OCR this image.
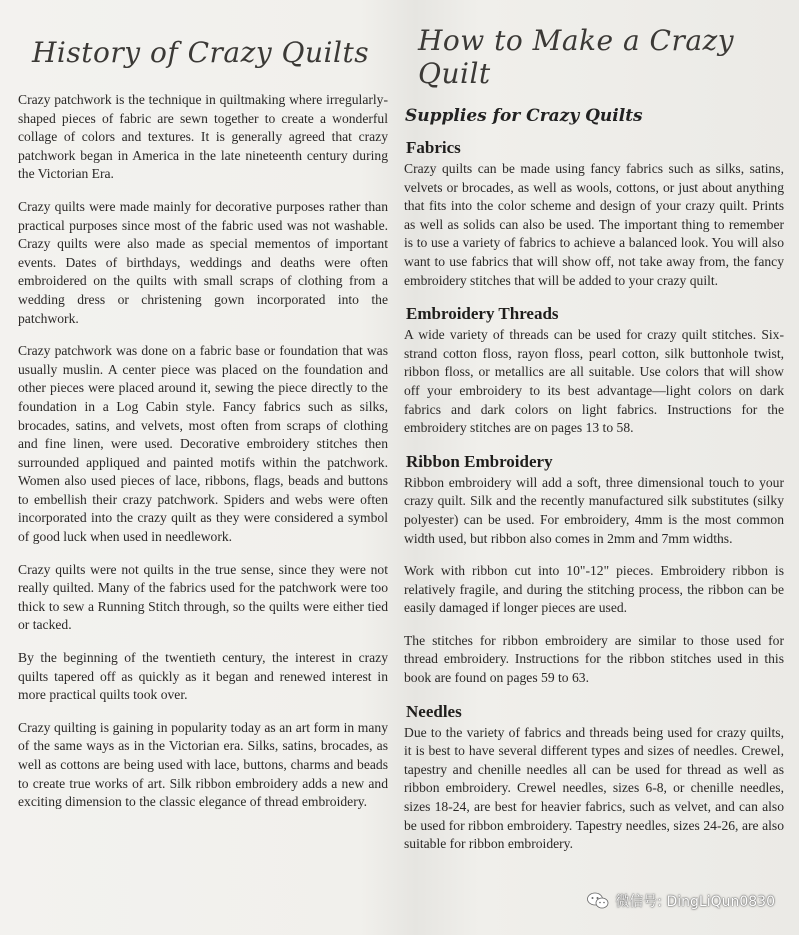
History of Crazy Quilts

Crazy patchwork is the technique in quiltmaking where irregularly-shaped pieces of fabric are sewn together to create a wonderful collage of colors and textures. It is generally agreed that crazy patchwork began in America in the late nineteenth century during the Victorian Era.

Crazy quilts were made mainly for decorative purposes rather than practical purposes since most of the fabric used was not washable. Crazy quilts were also made as special mementos of important events. Dates of birthdays, weddings and deaths were often embroidered on the quilts with small scraps of clothing from a wedding dress or christening gown incorporated into the patchwork.

Crazy patchwork was done on a fabric base or foundation that was usually muslin. A center piece was placed on the foundation and other pieces were placed around it, sewing the piece directly to the foundation in a Log Cabin style. Fancy fabrics such as silks, brocades, satins, and velvets, most often from scraps of clothing and fine linen, were used. Decorative embroidery stitches then surrounded appliqued and painted motifs within the patchwork. Women also used pieces of lace, ribbons, flags, beads and buttons to embellish their crazy patchwork. Spiders and webs were often incorporated into the crazy quilt as they were considered a symbol of good luck when used in needlework.

Crazy quilts were not quilts in the true sense, since they were not really quilted. Many of the fabrics used for the patchwork were too thick to sew a Running Stitch through, so the quilts were either tied or tacked.

By the beginning of the twentieth century, the interest in crazy quilts tapered off as quickly as it began and renewed interest in more practical quilts took over.

Crazy quilting is gaining in popularity today as an art form in many of the same ways as in the Victorian era. Silks, satins, brocades, as well as cottons are being used with lace, buttons, charms and beads to create true works of art. Silk ribbon embroidery adds a new and exciting dimension to the classic elegance of thread embroidery.

How to Make a Crazy Quilt
Supplies for Crazy Quilts
Fabrics

Crazy quilts can be made using fancy fabrics such as silks, satins, velvets or brocades, as well as wools, cottons, or just about anything that fits into the color scheme and design of your crazy quilt. Prints as well as solids can also be used. The important thing to remember is to use a variety of fabrics to achieve a balanced look. You will also want to use fabrics that will show off, not take away from, the fancy embroidery stitches that will be added to your crazy quilt.

Embroidery Threads

A wide variety of threads can be used for crazy quilt stitches. Six-strand cotton floss, rayon floss, pearl cotton, silk buttonhole twist, ribbon floss, or metallics are all suitable. Use colors that will show off your embroidery to its best advantage—light colors on dark fabrics and dark colors on light fabrics. Instructions for the embroidery stitches are on pages 13 to 58.

Ribbon Embroidery

Ribbon embroidery will add a soft, three dimensional touch to your crazy quilt. Silk and the recently manufactured silk substitutes (silky polyester) can be used. For embroidery, 4mm is the most common width used, but ribbon also comes in 2mm and 7mm widths.

Work with ribbon cut into 10"-12" pieces. Embroidery ribbon is relatively fragile, and during the stitching process, the ribbon can be easily damaged if longer pieces are used.

The stitches for ribbon embroidery are similar to those used for thread embroidery. Instructions for the ribbon stitches used in this book are found on pages 59 to 63.

Needles

Due to the variety of fabrics and threads being used for crazy quilts, it is best to have several different types and sizes of needles. Crewel, tapestry and chenille needles all can be used for thread as well as ribbon embroidery. Crewel needles, sizes 6-8, or chenille needles, sizes 18-24, are best for heavier fabrics, such as velvet, and can also be used for ribbon embroidery. Tapestry needles, sizes 24-26, are also suitable for ribbon embroidery.

微信号: DingLiQun0830
